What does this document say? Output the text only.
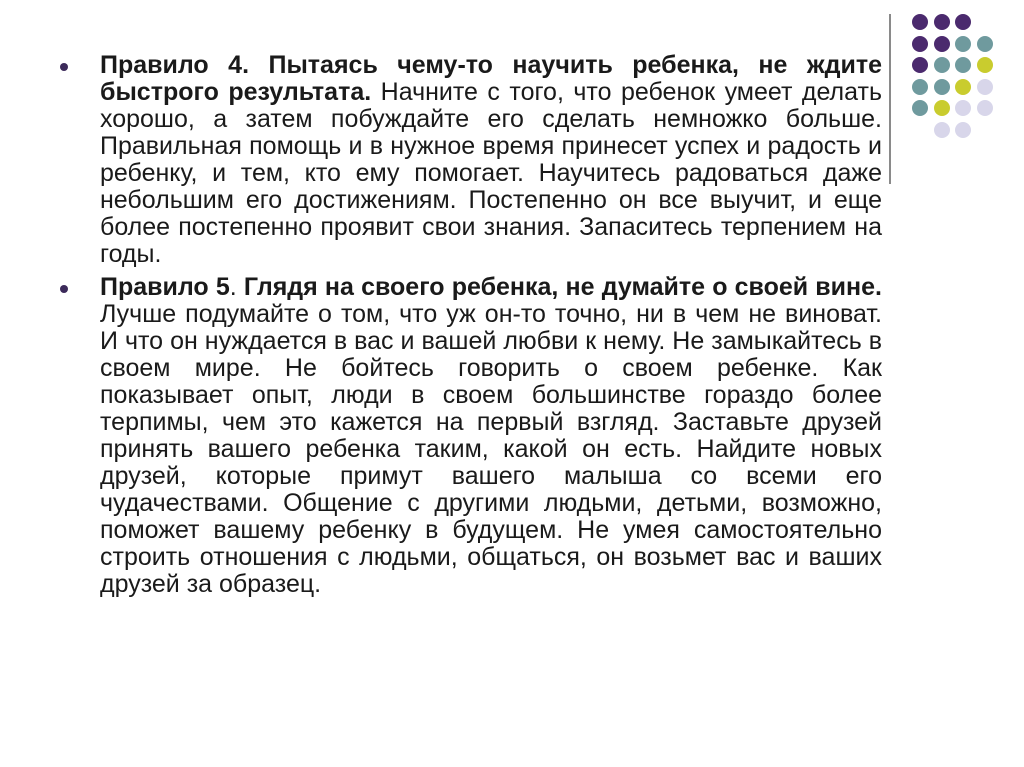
Правило 4. Пытаясь чему-то научить ребенка, не ждите быстрого результата. Начните с того, что ребенок умеет делать хорошо, а затем побуждайте его сделать немножко больше. Правильная помощь и в нужное время принесет успех и радость и ребенку, и тем, кто ему помогает. Научитесь радоваться даже небольшим его достижениям. Постепенно он все выучит, и еще более постепенно проявит свои знания. Запаситесь терпением на годы.

Правило 5. Глядя на своего ребенка, не думайте о своей вине. Лучше подумайте о том, что уж он-то точно, ни в чем не виноват. И что он нуждается в вас и вашей любви к нему. Не замыкайтесь в своем мире. Не бойтесь говорить о своем ребенке. Как показывает опыт, люди в своем большинстве гораздо более терпимы, чем это кажется на первый взгляд. Заставьте друзей принять вашего ребенка таким, какой он есть. Найдите новых друзей, которые примут вашего малыша со всеми его чудачествами. Общение с другими людьми, детьми, возможно, поможет вашему ребенку в будущем. Не умея самостоятельно строить отношения с людьми, общаться, он возьмет вас и ваших друзей за образец.
